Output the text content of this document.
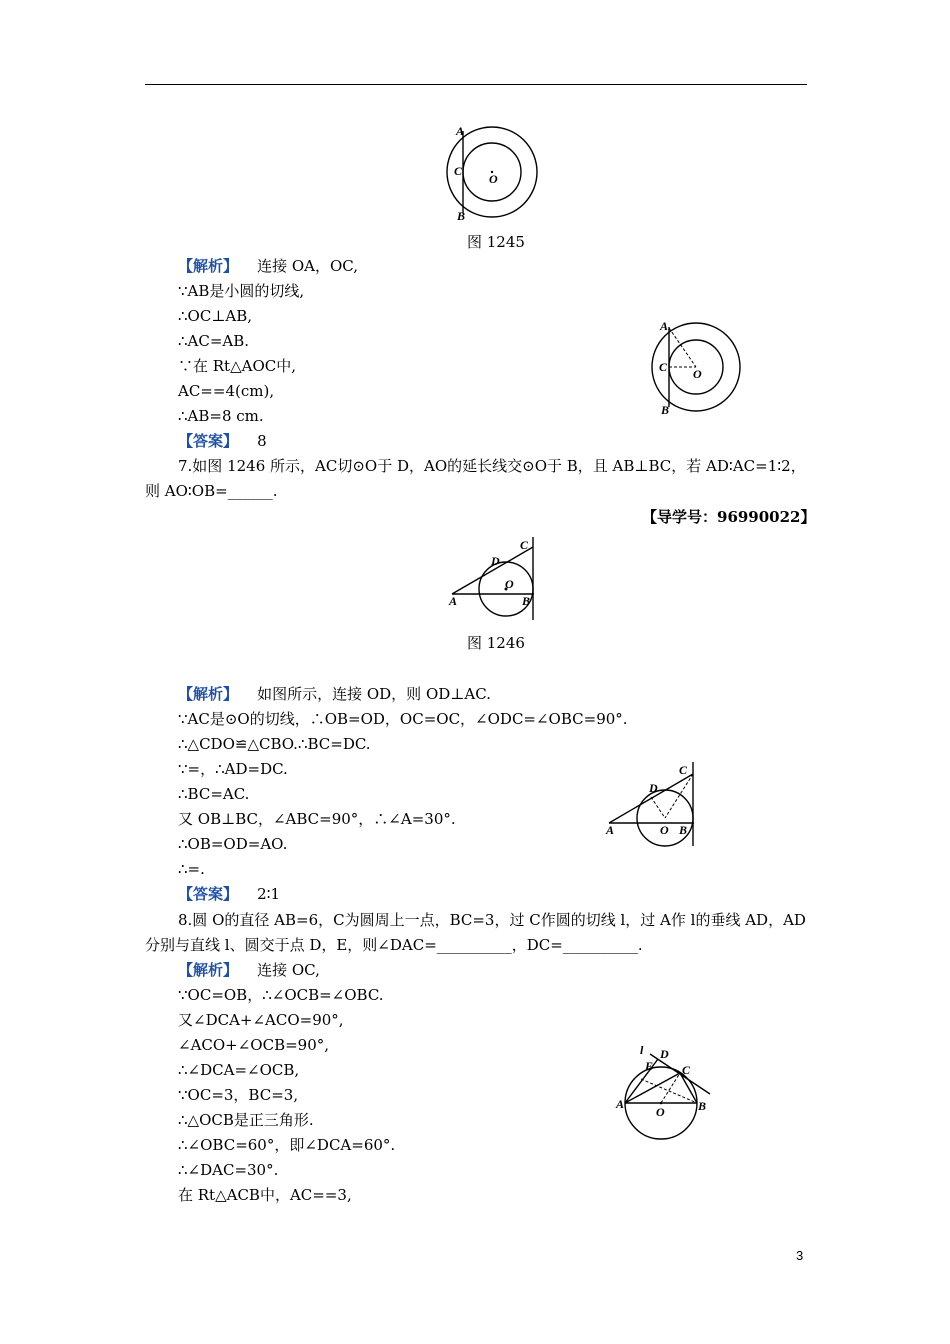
A
C
O
B
图 1245
【解析】 连接 OA，OC,
∵AB是小圆的切线,
∴OC⊥AB,
∴AC=AB.
∵在 Rt△AOC中,
AC==4(cm),
∴AB=8 cm.
【答案】 8
A
C O
B
7.如图 1246 所示，AC切⊙O于 D，AO的延长线交⊙O于 B，且 AB⊥BC，若 AD∶AC=1∶2，
则 AO∶OB=______.
【导学号：96990022】
A
D
C
O
B
图 1246
【解析】 如图所示，连接 OD，则 OD⊥AC.
∵AC是⊙O的切线，∴OB=OD，OC=OC，∠ODC=∠OBC=90°.
∴△CDO≌△CBO.∴BC=DC.
∵=，∴AD=DC.
∴BC=AC.
又 OB⊥BC，∠ABC=90°，∴∠A=30°.
∴OB=OD=AO.
∴=.
【答案】 2∶1
A
D
C
O B
8.圆 O的直径 AB=6，C为圆周上一点，BC=3，过 C作圆的切线 l，过 A作 l的垂线 AD，AD
分别与直线 l、圆交于点 D，E，则∠DAC=__________，DC=__________.
【解析】 连接 OC,
∵OC=OB，∴∠OCB=∠OBC.
又∠DCA+∠ACO=90°,
∠ACO+∠OCB=90°,
∴∠DCA=∠OCB,
∵OC=3，BC=3,
∴△OCB是正三角形.
∴∠OBC=60°，即∠DCA=60°.
∴∠DAC=30°.
在 Rt△ACB中，AC==3,
l D
E C
A
O	B
3
